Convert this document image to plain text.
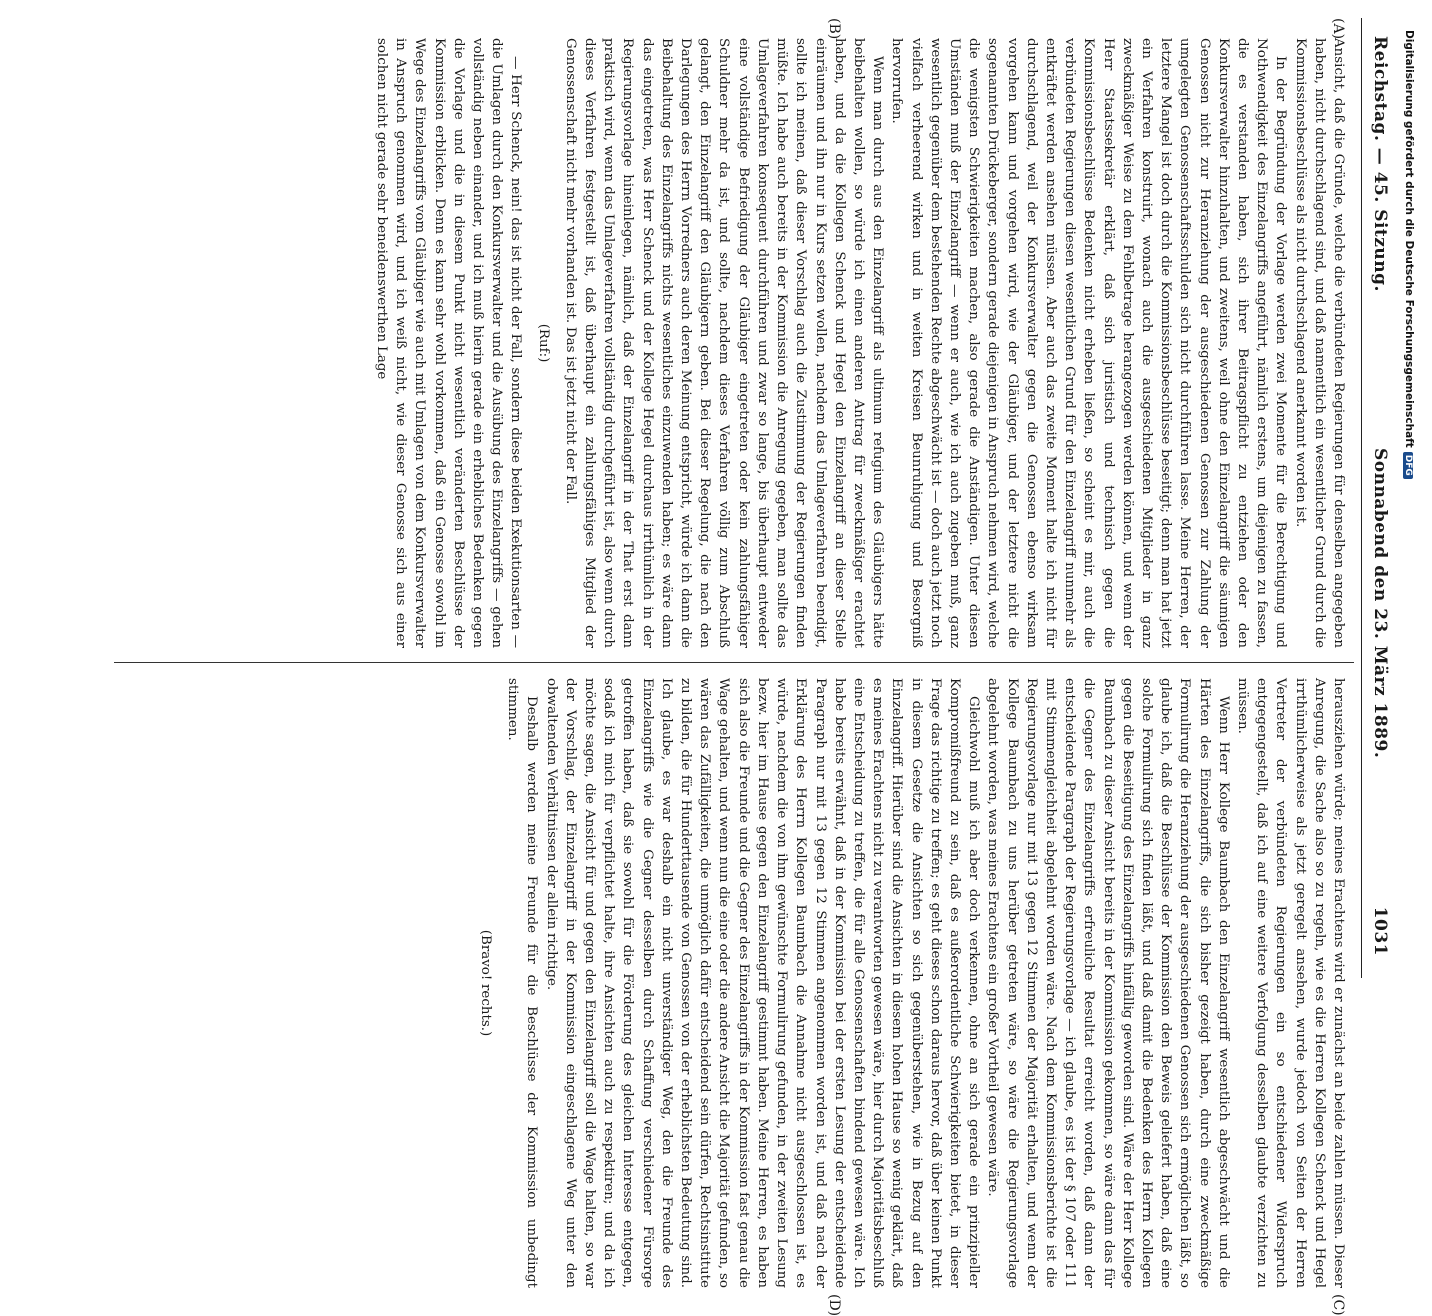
Reichstag. — 45. Sitzung.
Sonnabend den 23. März 1889.
1031
(A)
(B)
(C)
(D)

Ansicht, daß die Gründe, welche die verbündeten Regierungen für denselben angegeben haben, nicht durchschlagend sind, und daß namentlich ein wesentlicher Grund durch die Kommissionsbeschlüsse als nicht durchschlagend anerkannt worden ist.

In der Begründung der Vorlage werden zwei Momente für die Berechtigung und Nothwendigkeit des Einzelangriffs angeführt, nämlich erstens, um diejenigen zu fassen, die es verstanden haben, sich ihrer Beitragspflicht zu entziehen oder den Konkursverwalter hinzuhalten, und zweitens, weil ohne den Einzelangriff die säumigen Genossen nicht zur Heranziehung der ausgeschiedenen Genossen zur Zahlung der umgelegten Genossenschaftsschulden sich nicht durchführen lasse. Meine Herren, der letztere Mangel ist doch durch die Kommissionsbeschlüsse beseitigt; denn man hat jetzt ein Verfahren konstruirt, wonach auch die ausgeschiedenen Mitglieder in ganz zweckmäßiger Weise zu dem Fehlbetrage herangezogen werden können, und wenn der Herr Staatssekretär erklärt, daß sich juristisch und technisch gegen die Kommissionsbeschlüsse Bedenken nicht erheben ließen, so scheint es mir, auch die verbündeten Regierungen diesen wesentlichen Grund für den Einzelangriff nunmehr als entkräftet werden ansehen müssen. Aber auch das zweite Moment halte ich nicht für durchschlagend, weil der Konkursverwalter gegen die Genossen ebenso wirksam vorgehen kann und vorgehen wird, wie der Gläubiger, und der letztere nicht die sogenannten Drückeberger, sondern gerade diejenigen in Anspruch nehmen wird, welche die wenigsten Schwierigkeiten machen, also gerade die Anständigen. Unter diesen Umständen muß der Einzelangriff — wenn er auch, wie ich auch zugeben muß, ganz wesentlich gegenüber dem bestehenden Rechte abgeschwächt ist — doch auch jetzt noch vielfach verheerend wirken und in weiten Kreisen Beunruhigung und Besorgniß hervorrufen.

Wenn man durch aus den Einzelangriff als ultimum refugium des Gläubigers hätte beibehalten wollen, so würde ich einen anderen Antrag für zweckmäßiger erachtet haben, und da die Kollegen Schenck und Hegel den Einzelangriff an dieser Stelle einräumen und ihn nur in Kurs setzen wollen, nachdem das Umlageverfahren beendigt, sollte ich meinen, daß dieser Vorschlag auch die Zustimmung der Regierungen finden müßte. Ich habe auch bereits in der Kommission die Anregung gegeben, man sollte das Umlageverfahren konsequent durchführen und zwar so lange, bis überhaupt entweder eine vollständige Befriedigung der Gläubiger eingetreten oder kein zahlungsfähiger Schuldner mehr da ist, und sollte, nachdem dieses Verfahren völlig zum Abschluß gelangt, den Einzelangriff den Gläubigern geben. Bei dieser Regelung, die nach den Darlegungen des Herrn Vorredners auch deren Meinung entspricht, würde ich dann die Beibehaltung des Einzelangriffs nichts wesentliches einzuwenden haben; es wäre dann das eingetreten, was Herr Schenck und der Kollege Hegel durchaus irrthümlich in der Regierungsvorlage hineinlegen, nämlich, daß der Einzelangriff in der That erst dann praktisch wird, wenn das Umlageverfahren vollständig durchgeführt ist, also wenn durch dieses Verfahren festgestellt ist, daß überhaupt ein zahlungsfähiges Mitglied der Genossenschaft nicht mehr vorhanden ist. Das ist jetzt nicht der Fall.

(Ruf:)

— Herr Schenck, nein! das ist nicht der Fall, sondern diese beiden Exekutionsarten — die Umlagen durch den Konkursverwalter und die Ausübung des Einzelangriffs — gehen vollständig neben einander, und ich muß hierin gerade ein erhebliches Bedenken gegen die Vorlage und die in diesem Punkt nicht wesentlich veränderten Beschlüsse der Kommission erblicken. Denn es kann sehr wohl vorkommen, daß ein Genosse sowohl im Wege des Einzelangriffs vom Gläubiger wie auch mit Umlagen von dem Konkursverwalter in Anspruch genommen wird, und ich weiß nicht, wie dieser Genosse sich aus einer solchen nicht gerade sehr beneidenswerthen Lage

herausziehen würde; meines Erachtens wird er zunächst an beide zahlen müssen. Dieser Anregung, die Sache also so zu regeln, wie es die Herren Kollegen Schenck und Hegel irrthümlicherweise als jetzt geregelt ansehen, wurde jedoch von Seiten der Herren Vertreter der verbündeten Regierungen ein so entschiedener Widerspruch entgegengestellt, daß ich auf eine weitere Verfolgung desselben glaubte verzichten zu müssen.

Wenn Herr Kollege Baumbach den Einzelangriff wesentlich abgeschwächt und die Härten des Einzelangriffs, die sich bisher gezeigt haben, durch eine zweckmäßige Formulirung die Heranziehung der ausgeschiedenen Genossen sich ermöglichen läßt, so glaube ich, daß die Beschlüsse der Kommission den Beweis geliefert haben, daß eine solche Formulirung sich finden läßt, und daß damit die Bedenken des Herrn Kollegen gegen die Beseitigung des Einzelangriffs hinfällig geworden sind. Wäre der Herr Kollege Baumbach zu dieser Ansicht bereits in der Kommission gekommen, so wäre dann das für die Gegner des Einzelangriffs erfreuliche Resultat erreicht worden, daß dann der entscheidende Paragraph der Regierungsvorlage — ich glaube, es ist der § 107 oder 111 mit Stimmengleichheit abgelehnt worden wäre. Nach dem Kommissionsberichte ist die Regierungsvorlage nur mit 13 gegen 12 Stimmen der Majorität erhalten, und wenn der Kollege Baumbach zu uns herüber getreten wäre, so wäre die Regierungsvorlage abgelehnt worden, was meines Erachtens ein großer Vortheil gewesen wäre.

Gleichwohl muß ich aber doch verkennen, ohne an sich gerade ein prinzipieller Kompromißfreund zu sein, daß es außerordentliche Schwierigkeiten bietet, in dieser Frage das richtige zu treffen; es geht dieses schon daraus hervor, daß über keinen Punkt in diesem Gesetze die Ansichten so sich gegenüberstehen, wie in Bezug auf den Einzelangriff. Hierüber sind die Ansichten in diesem hohen Hause so wenig geklärt, daß es meines Erachtens nicht zu verantworten gewesen wäre, hier durch Majoritätsbeschluß eine Entscheidung zu treffen, die für alle Genossenschaften bindend gewesen wäre. Ich habe bereits erwähnt, daß in der Kommission bei der ersten Lesung der entscheidende Paragraph nur mit 13 gegen 12 Stimmen angenommen worden ist, und daß nach der Erklärung des Herrn Kollegen Baumbach die Annahme nicht ausgeschlossen ist, es würde, nachdem die von ihm gewünschte Formulirung gefunden, in der zweiten Lesung bezw. hier im Hause gegen den Einzelangriff gestimmt haben. Meine Herren, es haben sich also die Freunde und die Gegner des Einzelangriffs in der Kommission fast genau die Wage gehalten, und wenn nun die eine oder die andere Ansicht die Majorität gefunden, so wären das Zufälligkeiten, die unmöglich dafür entscheidend sein dürfen, Rechtsinstitute zu bilden, die für Hunderttausende von Genossen von der erheblichsten Bedeutung sind. Ich glaube, es war deshalb ein nicht unverständiger Weg, den die Freunde des Einzelangriffs wie die Gegner desselben durch Schaffung verschiedener Fürsorge getroffen haben, daß sie sowohl für die Förderung des gleichen Interesse entgegen, sodaß ich mich für verpflichtet halte, ihre Ansichten auch zu respektiren; und da ich möchte sagen, die Ansicht für und gegen den Einzelangriff soll die Wage halten, so war der Vorschlag, der Einzelangriff in der Kommission eingeschlagene Weg unter den obwaltenden Verhältnissen der allein richtige.

Deshalb werden meine Freunde für die Beschlüsse der Kommission unbedingt stimmen.

(Bravo! rechts.)

Digitalisierung gefördert durch die Deutsche ForschungsgemeinschaftDFG
